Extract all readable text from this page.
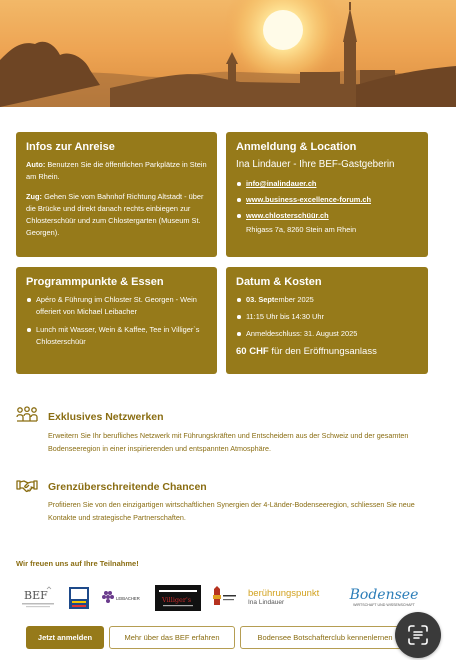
Infos zur Anreise

Auto: Benutzen Sie die öffentlichen Parkplätze in Stein am Rhein.

Zug: Gehen Sie vom Bahnhof Richtung Altstadt - über die Brücke und direkt danach rechts einbiegen zur Chlosterschüür und zum Chlostergarten (Museum St. Georgen).

Anmeldung & Location
Ina Lindauer - Ihre BEF-Gastgeberin
info@inalindauer.ch
www.business-excellence-forum.ch
www.chlosterschüür.ch
Rhigass 7a, 8260 Stein am Rhein
Programmpunkte & Essen
Apéro & Führung im Chloster St. Georgen - Wein offeriert von Michael Leibacher
Lunch mit Wasser, Wein & Kaffee, Tee in Villiger`s Chlosterschüür
Datum & Kosten
03. September 2025
11:15 Uhr bis 14:30 Uhr
Anmeldeschluss: 31. August 2025
60 CHF für den Eröffnungsanlass
Exklusives Netzwerken
Erweitern Sie Ihr berufliches Netzwerk mit Führungskräften und Entscheidern aus der Schweiz und der gesamten Bodenseeregion in einer inspirierenden und entspannten Atmosphäre.
Grenzüberschreitende Chancen
Profitieren Sie von den einzigartigen wirtschaftlichen Synergien der 4-Länder-Bodenseeregion, schliessen Sie neue Kontakte und strategische Partnerschaften.
Wir freuen uns auf Ihre Teilnahme!
BEF	LEIBACHER	Villiger's
berührungspunkt
Ina Lindauer	Bodensee
WIRTSCHAFT UND WISSENSCHAFT
Jetzt anmelden	Mehr über das BEF erfahren	Bodensee Botschafterclub kennenlernen
